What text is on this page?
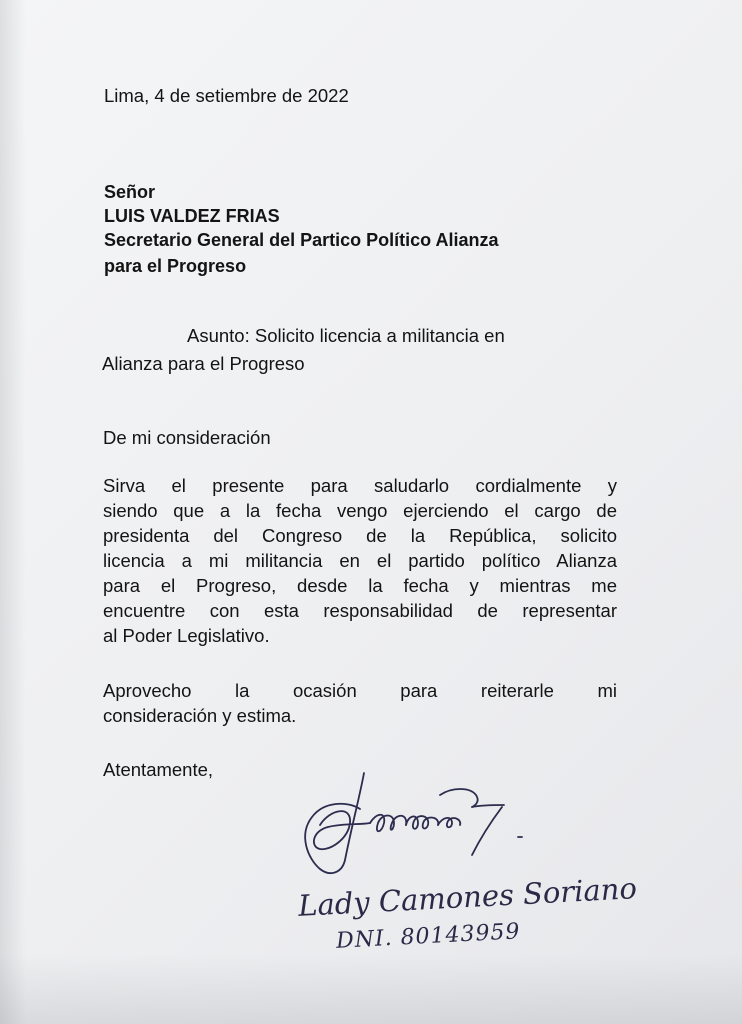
Lima, 4 de setiembre de 2022
Señor
LUIS VALDEZ FRIAS
Secretario General del Partico Político Alianza
para el Progreso
Asunto: Solicito licencia a militancia en
Alianza para el Progreso
De mi consideración
Sirva el presente para saludarlo cordialmente y
siendo que a la fecha vengo ejerciendo el cargo de
presidenta del Congreso de la República, solicito
licencia a mi militancia en el partido político Alianza
para el Progreso, desde la fecha y mientras me
encuentre con esta responsabilidad de representar
al Poder Legislativo.
Aprovecho la ocasión para reiterarle mi
consideración y estima.
Atentamente,
Lady Camones Soriano
DNI. 80143959
